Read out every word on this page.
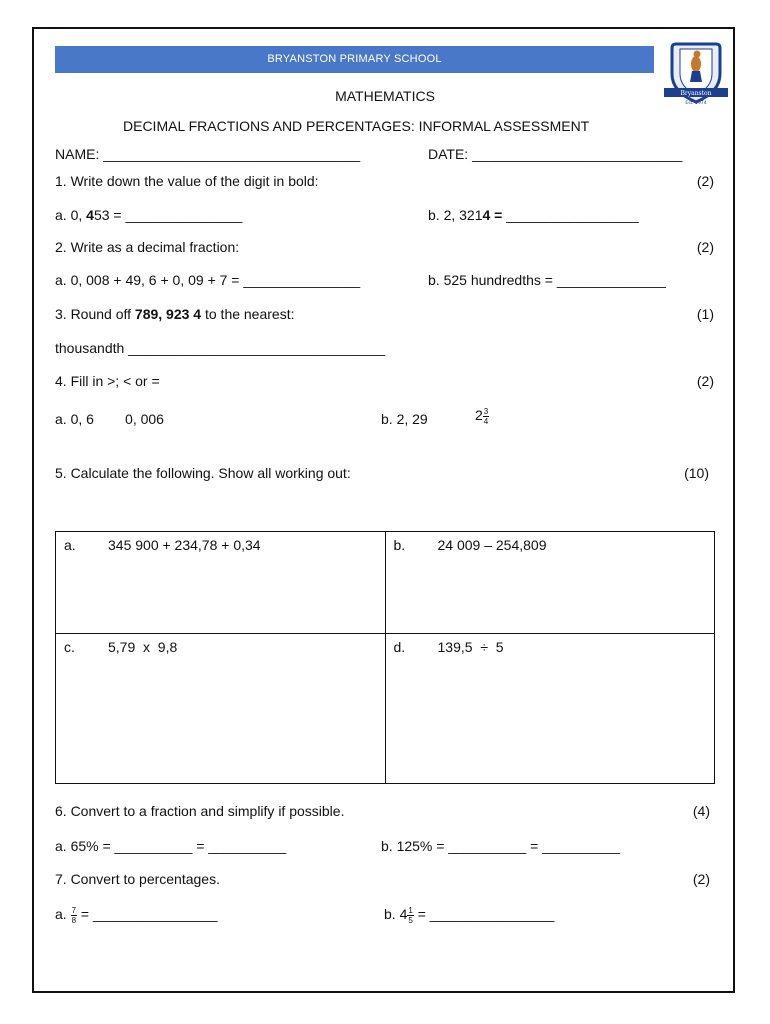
BRYANSTON PRIMARY SCHOOL
Bryanston
Est. 1974
MATHEMATICS
DECIMAL FRACTIONS AND PERCENTAGES: INFORMAL ASSESSMENT
NAME: _________________________________	DATE: ___________________________
1. Write down the value of the digit in bold:	(2)
a. 0, 453 = _______________	b. 2, 3214 = _________________
2. Write as a decimal fraction:	(2)
a. 0, 008 + 49, 6 + 0, 09 + 7 = _______________	b. 525 hundredths = ______________
3. Round off 789, 923 4 to the nearest:	(1)
thousandth _________________________________
4. Fill in >; < or =	(2)
a. 0, 6        0, 006	b. 2, 29	$2 \frac{3}{4}$
5. Calculate the following. Show all working out:	(10)
a. 345 900 + 234,78 + 0,34	b. 24 009 – 254,809

c. 5,79  x  9,8	d. 139,5  ÷  5
6. Convert to a fraction and simplify if possible.	(4)
a. 65% = __________ = __________	b. 125% = __________ = __________
7. Convert to percentages.	(2)
a. $\frac{7}{8}$ = ________________	b. $4 \frac{1}{5}$ = ________________
